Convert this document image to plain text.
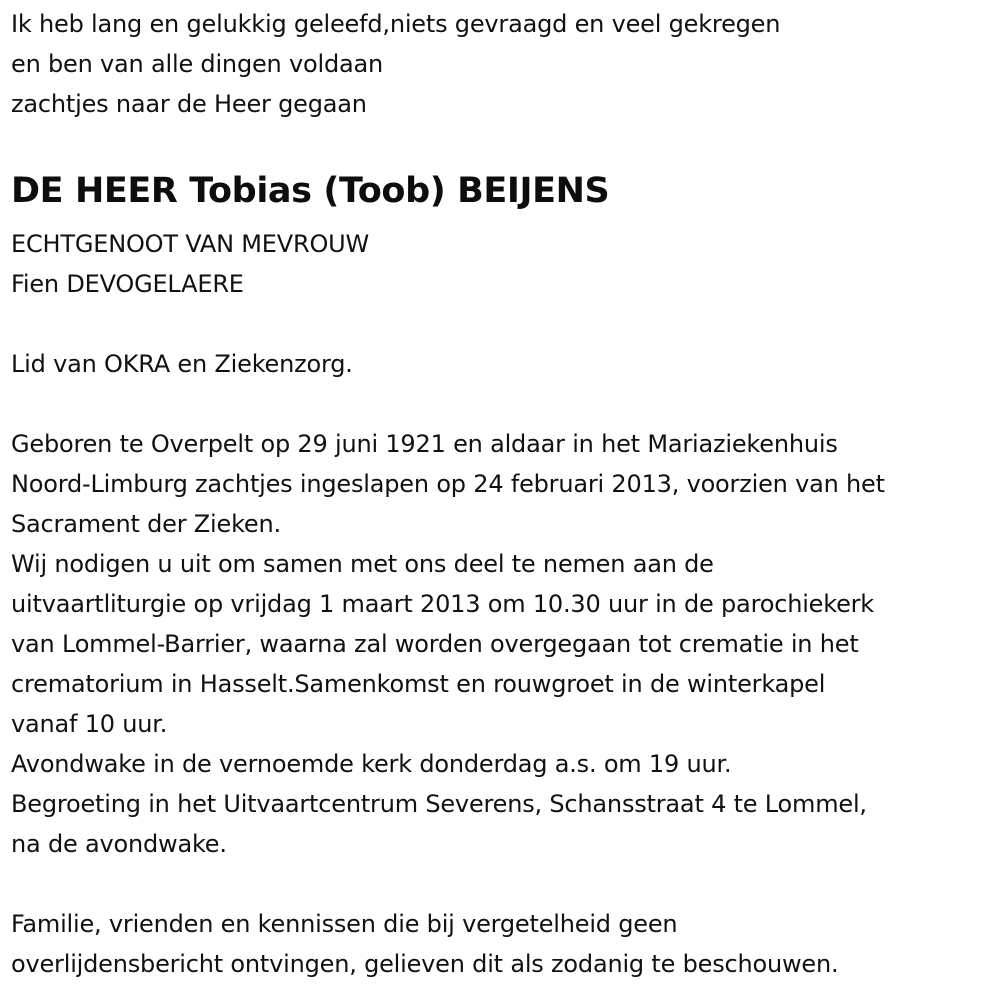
Ik heb lang en gelukkig geleefd,niets gevraagd en veel gekregen
en ben van alle dingen voldaan
zachtjes naar de Heer gegaan
DE HEER Tobias (Toob) BEIJENS
ECHTGENOOT VAN MEVROUW
Fien DEVOGELAERE
Lid van OKRA en Ziekenzorg.
Geboren te Overpelt op 29 juni 1921 en aldaar in het Mariaziekenhuis
Noord-Limburg zachtjes ingeslapen op 24 februari 2013, voorzien van het
Sacrament der Zieken.
Wij nodigen u uit om samen met ons deel te nemen aan de
uitvaartliturgie op vrijdag 1 maart 2013 om 10.30 uur in de parochiekerk
van Lommel-Barrier, waarna zal worden overgegaan tot crematie in het
crematorium in Hasselt.Samenkomst en rouwgroet in de winterkapel
vanaf 10 uur.
Avondwake in de vernoemde kerk donderdag a.s. om 19 uur.
Begroeting in het Uitvaartcentrum Severens, Schansstraat 4 te Lommel,
na de avondwake.
Familie, vrienden en kennissen die bij vergetelheid geen
overlijdensbericht ontvingen, gelieven dit als zodanig te beschouwen.
